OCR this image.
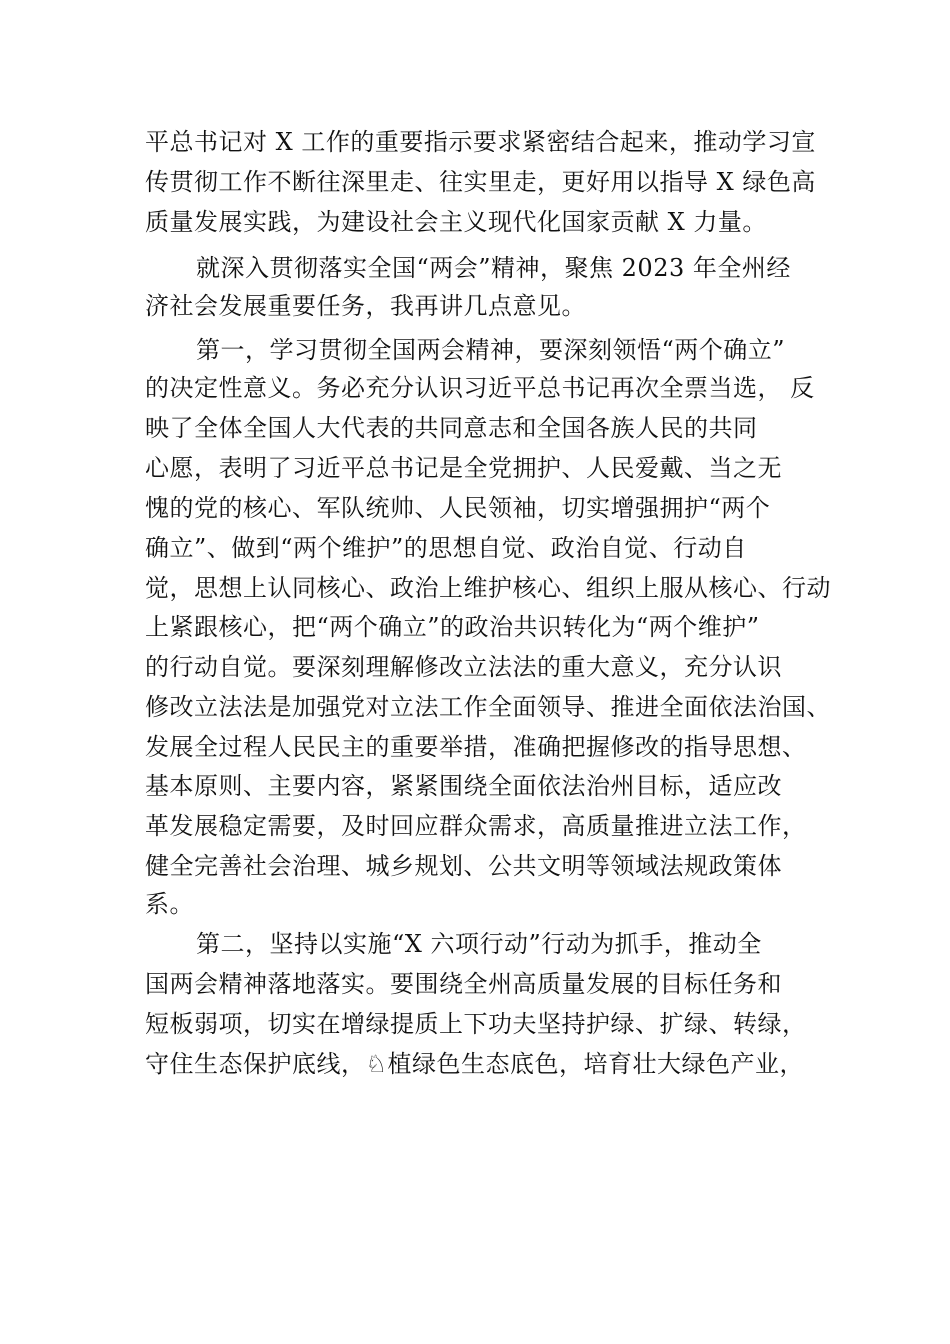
平总书记对 X 工作的重要指示要求紧密结合起来，推动学习宣
传贯彻工作不断往深里走、往实里走，更好用以指导 X 绿色高
质量发展实践，为建设社会主义现代化国家贡献 X 力量。
就深入贯彻落实全国“两会”精神，聚焦 2023 年全州经
济社会发展重要任务，我再讲几点意见。
第一，学习贯彻全国两会精神，要深刻领悟“两个确立”
的决定性意义。务必充分认识习近平总书记再次全票当选， 反
映了全体全国人大代表的共同意志和全国各族人民的共同
心愿，表明了习近平总书记是全党拥护、人民爱戴、当之无
愧的党的核心、军队统帅、人民领袖，切实增强拥护“两个
确立”、做到“两个维护”的思想自觉、政治自觉、行动自
觉，思想上认同核心、政治上维护核心、组织上服从核心、行动
上紧跟核心，把“两个确立”的政治共识转化为“两个维护”
的行动自觉。要深刻理解修改立法法的重大意义，充分认识
修改立法法是加强党对立法工作全面领导、推进全面依法治国、
发展全过程人民民主的重要举措，准确把握修改的指导思想、
基本原则、主要内容，紧紧围绕全面依法治州目标，适应改
革发展稳定需要，及时回应群众需求，高质量推进立法工作，
健全完善社会治理、城乡规划、公共文明等领域法规政策体
系。
第二，坚持以实施“X 六项行动”行动为抓手，推动全
国两会精神落地落实。要围绕全州高质量发展的目标任务和
短板弱项，切实在增绿提质上下功夫坚持护绿、扩绿、转绿，
守住生态保护底线，♘植绿色生态底色，培育壮大绿色产业，
